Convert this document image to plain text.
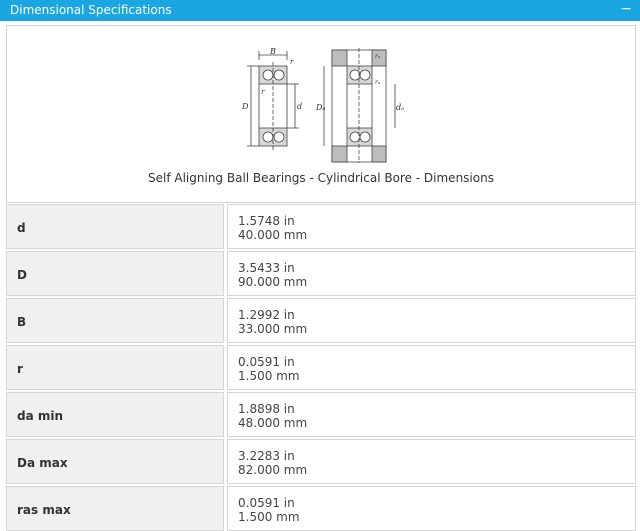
Dimensional Specifications	−
B
r
r
D	d
rₐ
rₐ
Dₐ	dₐ
Self Aligning Ball Bearings - Cylindrical Bore - Dimensions
d	1.5748 in
40.000 mm
D	3.5433 in
90.000 mm
B	1.2992 in
33.000 mm
r	0.0591 in
1.500 mm
da min	1.8898 in
48.000 mm
Da max	3.2283 in
82.000 mm
ras max	0.0591 in
1.500 mm
